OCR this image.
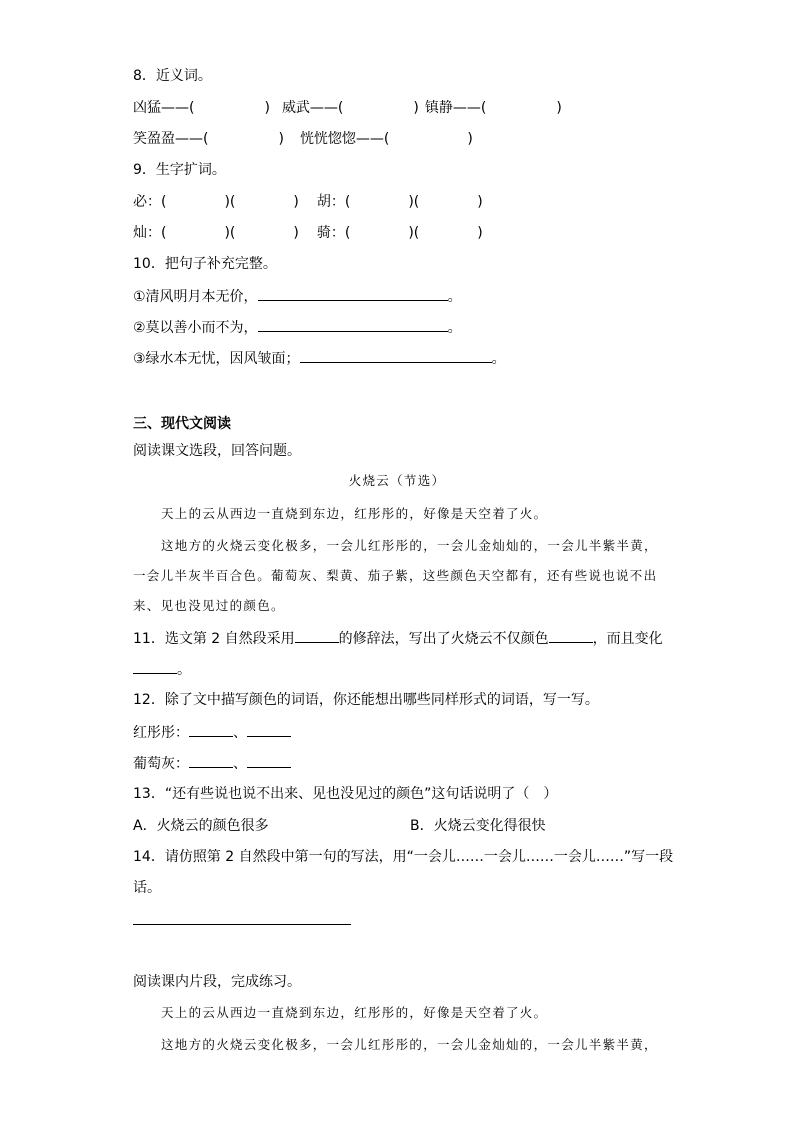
8．近义词。
凶猛——(	) 威武——(	) 镇静——(	)
笑盈盈——(	) 恍恍惚惚——(	)
9．生字扩词。
必：(	)(	) 胡：(	)(	)
灿：(	)(	) 骑：(	)(	)
10．把句子补充完整。
①清风明月本无价，	。
②莫以善小而不为，	。
③绿水本无忧，因风皱面；	。
三、现代文阅读
阅读课文选段，回答问题。
火烧云（节选）
天上的云从西边一直烧到东边，红彤彤的，好像是天空着了火。
这地方的火烧云变化极多，一会儿红彤彤的，一会儿金灿灿的，一会儿半紫半黄，
一会儿半灰半百合色。葡萄灰、梨黄、茄子紫，这些颜色天空都有，还有些说也说不出
来、见也没见过的颜色。
11．选文第 2 自然段采用	的修辞法，写出了火烧云不仅颜色	，而且变化
。
12．除了文中描写颜色的词语，你还能想出哪些同样形式的词语，写一写。
红彤彤：	、
葡萄灰：	、
13．“还有些说也说不出来、见也没见过的颜色”这句话说明了（　）
A．火烧云的颜色很多	B．火烧云变化得很快
14．请仿照第 2 自然段中第一句的写法，用“一会儿……一会儿……一会儿……”写一段
话。
阅读课内片段，完成练习。
天上的云从西边一直烧到东边，红彤彤的，好像是天空着了火。
这地方的火烧云变化极多，一会儿红彤彤的，一会儿金灿灿的，一会儿半紫半黄，
